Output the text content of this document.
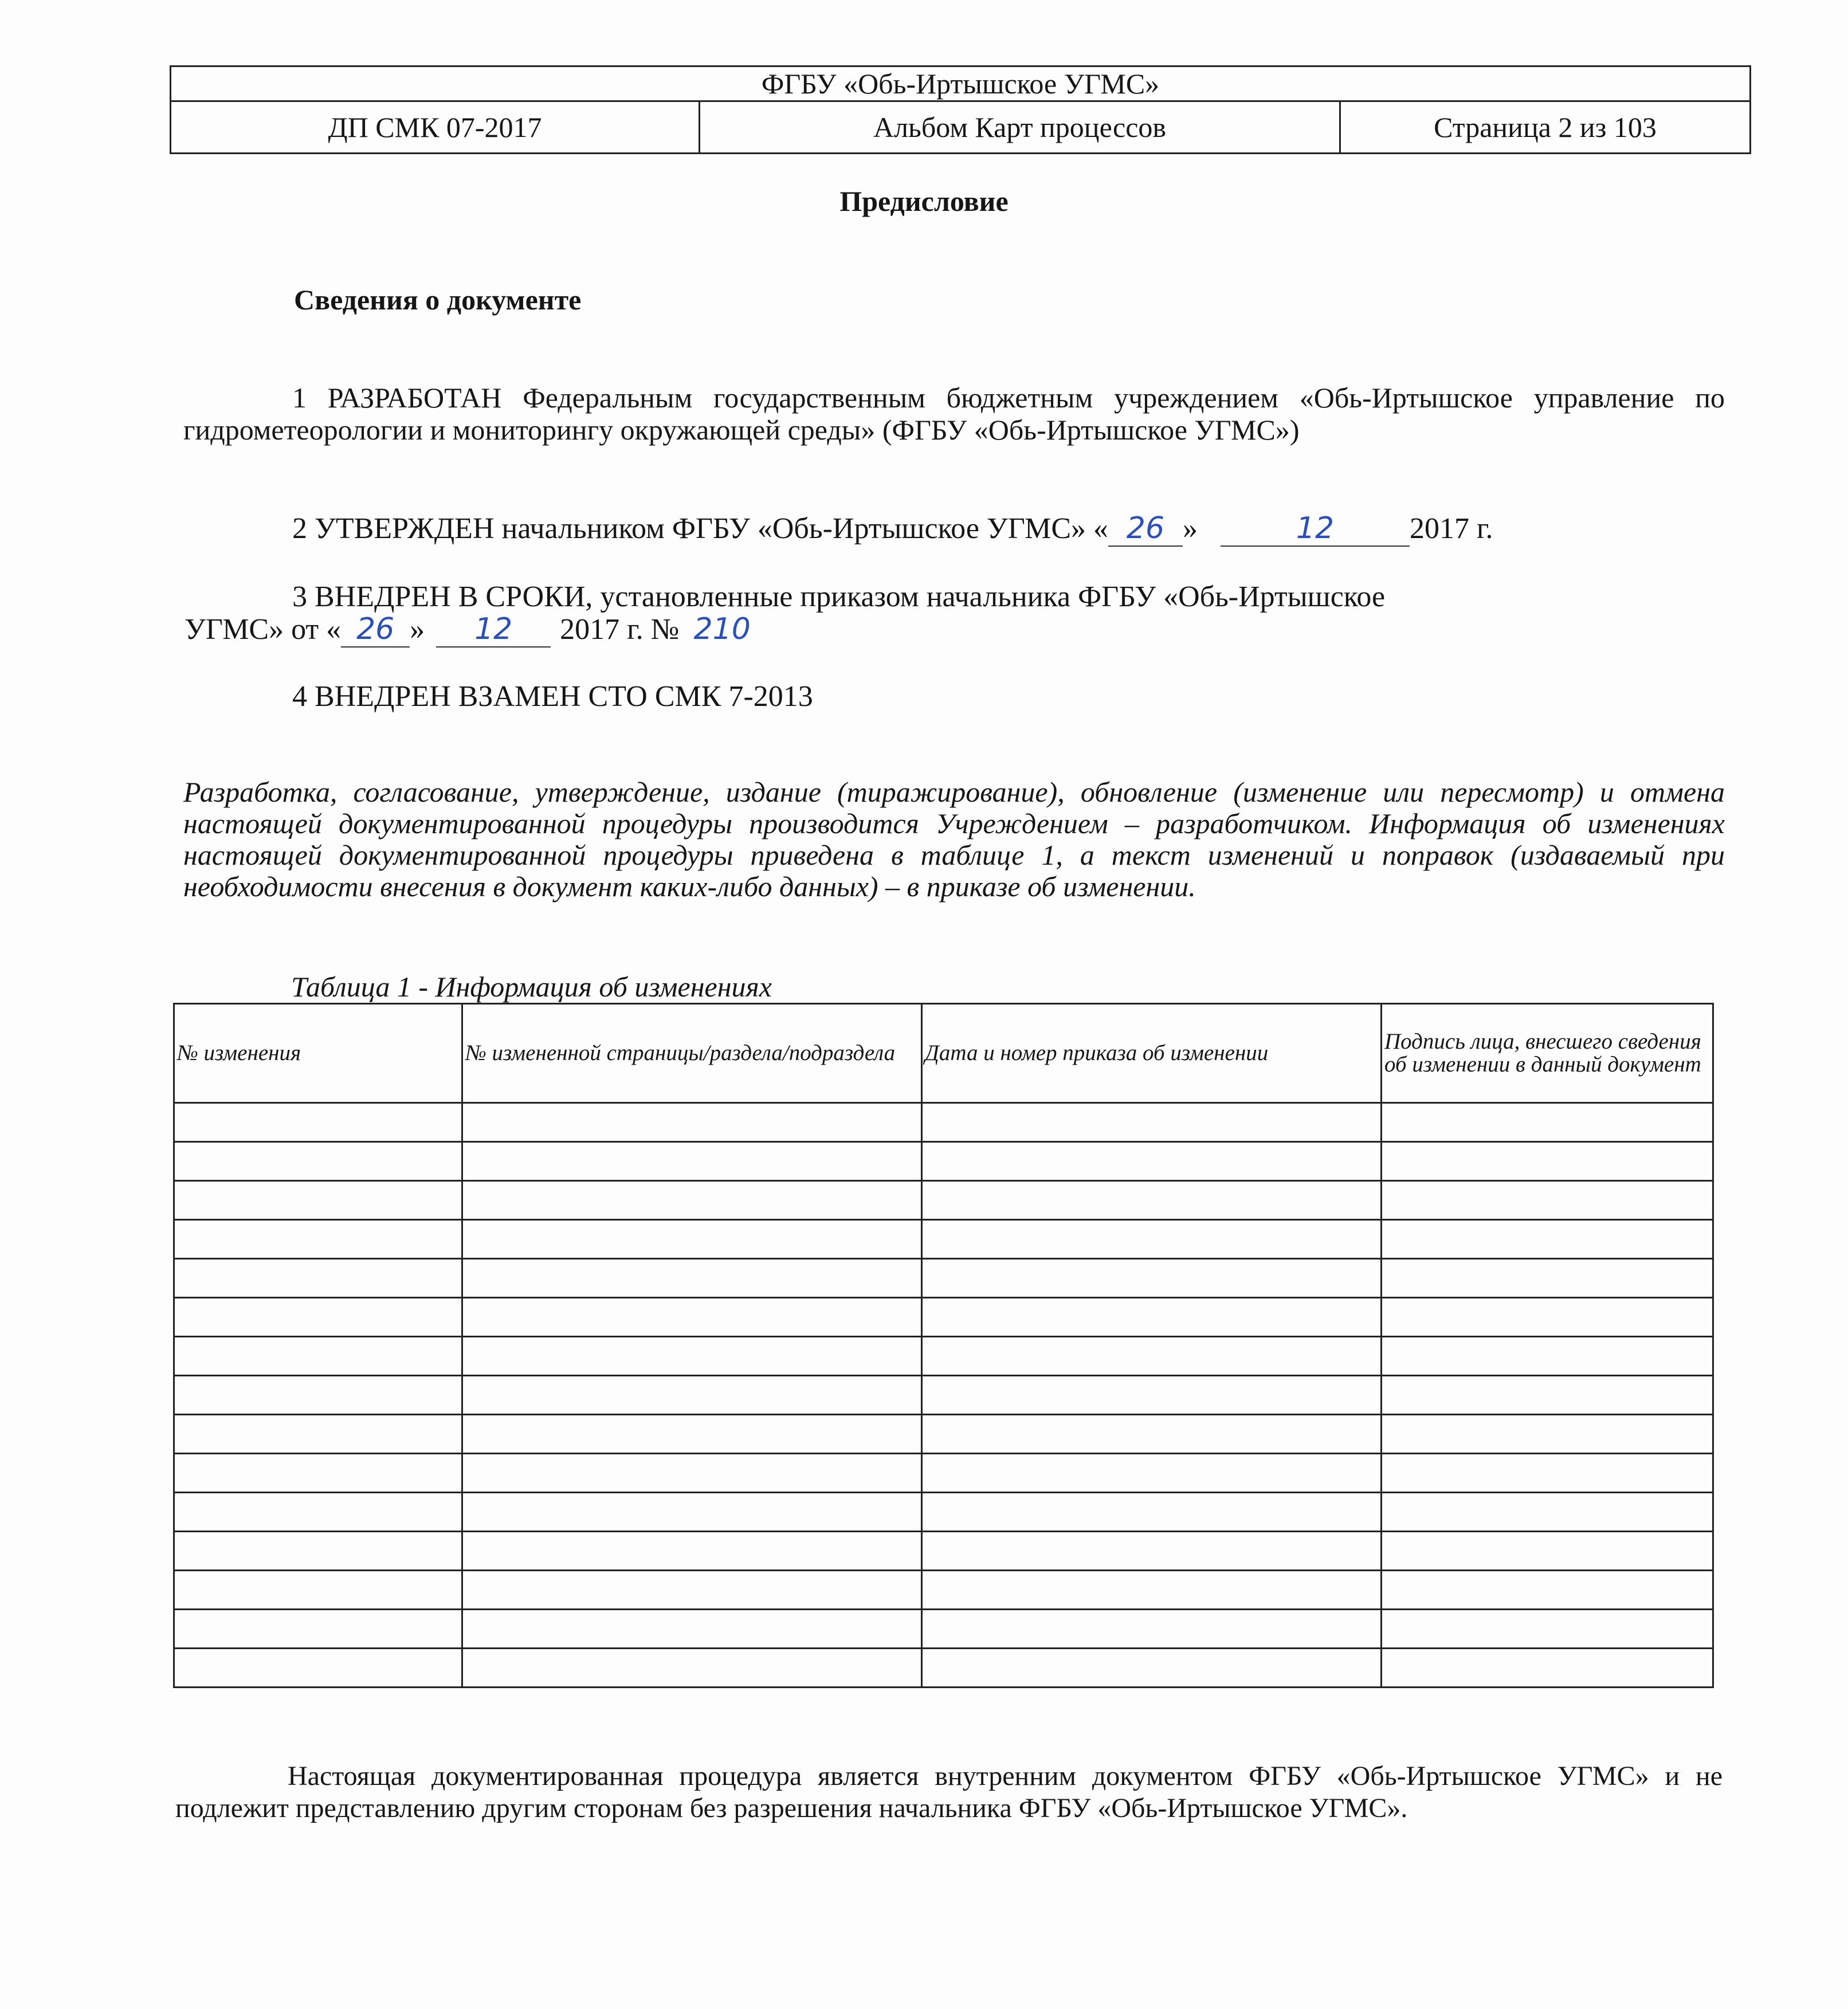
ФГБУ «Обь-Иртышское УГМС»
ДП СМК 07-2017	Альбом Карт процессов	Страница 2 из 103
Предисловие
Сведения о документе
1 РАЗРАБОТАН Федеральным государственным бюджетным учреждением «Обь-Иртышское управление по гидрометеорологии и мониторингу окружающей среды» (ФГБУ «Обь-Иртышское УГМС»)
2 УТВЕРЖДЕН начальником ФГБУ «Обь-Иртышское УГМС» « 26 »	12	2017 г.
3 ВНЕДРЕН В СРОКИ, установленные приказом начальника ФГБУ «Обь-Иртышское
УГМС» от « 26 » 12 2017 г. № 210
4 ВНЕДРЕН ВЗАМЕН СТО СМК 7-2013
Разработка, согласование, утверждение, издание (тиражирование), обновление (изменение или пересмотр) и отмена настоящей документированной процедуры производится Учреждением – разработчиком. Информация об изменениях настоящей документированной процедуры приведена в таблице 1, а текст изменений и поправок (издаваемый при необходимости внесения в документ каких-либо данных) – в приказе об изменении.
Таблица 1 - Информация об изменениях
№ изменения	№ измененной страницы/раздела/подраздела	Дата и номер приказа об изменении	Подпись лица, внесшего сведения об изменении в данный документ

Настоящая документированная процедура является внутренним документом ФГБУ «Обь-Иртышское УГМС» и не подлежит представлению другим сторонам без разрешения начальника ФГБУ «Обь-Иртышское УГМС».
